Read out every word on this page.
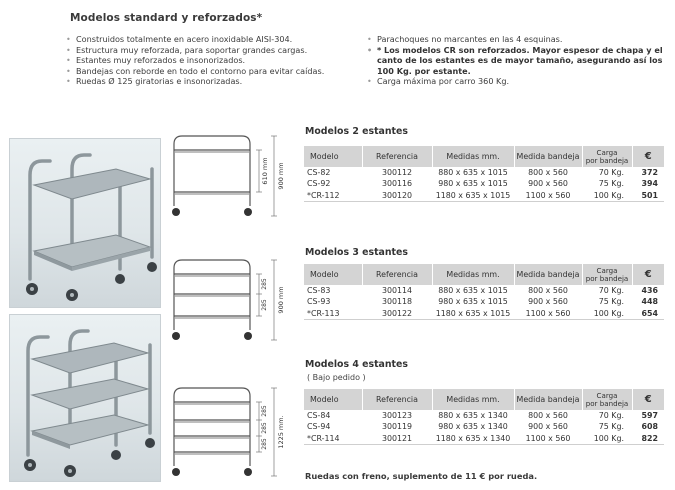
Modelos standard y reforzados*
• Construidos totalmente en acero inoxidable AISI-304.
• Estructura muy reforzada, para soportar grandes cargas.
• Estantes muy reforzados e insonorizados.
• Bandejas con reborde en todo el contorno para evitar caídas.
• Ruedas Ø 125 giratorias e insonorizadas.
• Parachoques no marcantes en las 4 esquinas.
• * Los modelos CR son reforzados. Mayor espesor de chapa y el canto de los estantes es de mayor tamaño, asegurando así los 100 Kg. por estante.
• Carga máxima por carro 360 Kg.
610 mm 900 mm
285
285 900 mm
285
285
285 1225 mm.
Modelos 2 estantes
Modelo	Referencia	Medidas mm.	Medida bandeja	Carga
por bandeja	€
CS-82	300112	880 x 635 x 1015	800 x 560	70 Kg.	372
CS-92	300116	980 x 635 x 1015	900 x 560	75 Kg.	394
*CR-112	300120	1180 x 635 x 1015	1100 x 560	100 Kg.	501
Modelos 3 estantes
Modelo	Referencia	Medidas mm.	Medida bandeja	Carga
por bandeja	€
CS-83	300114	880 x 635 x 1015	800 x 560	70 Kg.	436
CS-93	300118	980 x 635 x 1015	900 x 560	75 Kg.	448
*CR-113	300122	1180 x 635 x 1015	1100 x 560	100 Kg.	654
Modelos 4 estantes
( Bajo pedido )
Modelo	Referencia	Medidas mm.	Medida bandeja	Carga
por bandeja	€
CS-84	300123	880 x 635 x 1340	800 x 560	70 Kg.	597
CS-94	300119	980 x 635 x 1340	900 x 560	75 Kg.	608
*CR-114	300121	1180 x 635 x 1340	1100 x 560	100 Kg.	822
Ruedas con freno, suplemento de 11 € por rueda.
